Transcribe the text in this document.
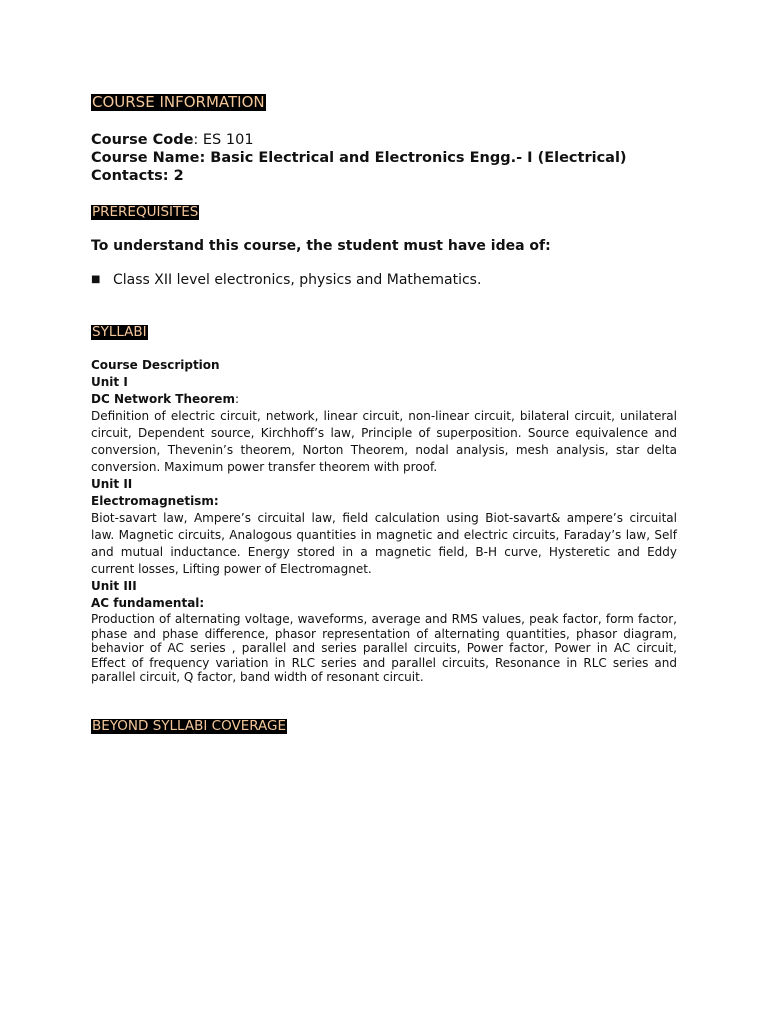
COURSE INFORMATION
Course Code: ES 101
Course Name: Basic Electrical and Electronics Engg.- I (Electrical)
Contacts: 2
PREREQUISITES
To understand this course, the student must have idea of:
■ Class XII level electronics, physics and Mathematics.
SYLLABI
Course Description
Unit I
DC Network Theorem:

Definition of electric circuit, network, linear circuit, non-linear circuit, bilateral circuit, unilateral circuit, Dependent source, Kirchhoff’s law, Principle of superposition. Source equivalence and conversion, Thevenin’s theorem, Norton Theorem, nodal analysis, mesh analysis, star delta conversion. Maximum power transfer theorem with proof.

Unit II
Electromagnetism:

Biot-savart law, Ampere’s circuital law, field calculation using Biot-savart& ampere’s circuital law. Magnetic circuits, Analogous quantities in magnetic and electric circuits, Faraday’s law, Self and mutual inductance. Energy stored in a magnetic field, B-H curve, Hysteretic and Eddy current losses, Lifting power of Electromagnet.

Unit III
AC fundamental:

Production of alternating voltage, waveforms, average and RMS values, peak factor, form factor, phase and phase difference, phasor representation of alternating quantities, phasor diagram, behavior of AC series , parallel and series parallel circuits, Power factor, Power in AC circuit, Effect of frequency variation in RLC series and parallel circuits, Resonance in RLC series and parallel circuit, Q factor, band width of resonant circuit.

BEYOND SYLLABI COVERAGE
